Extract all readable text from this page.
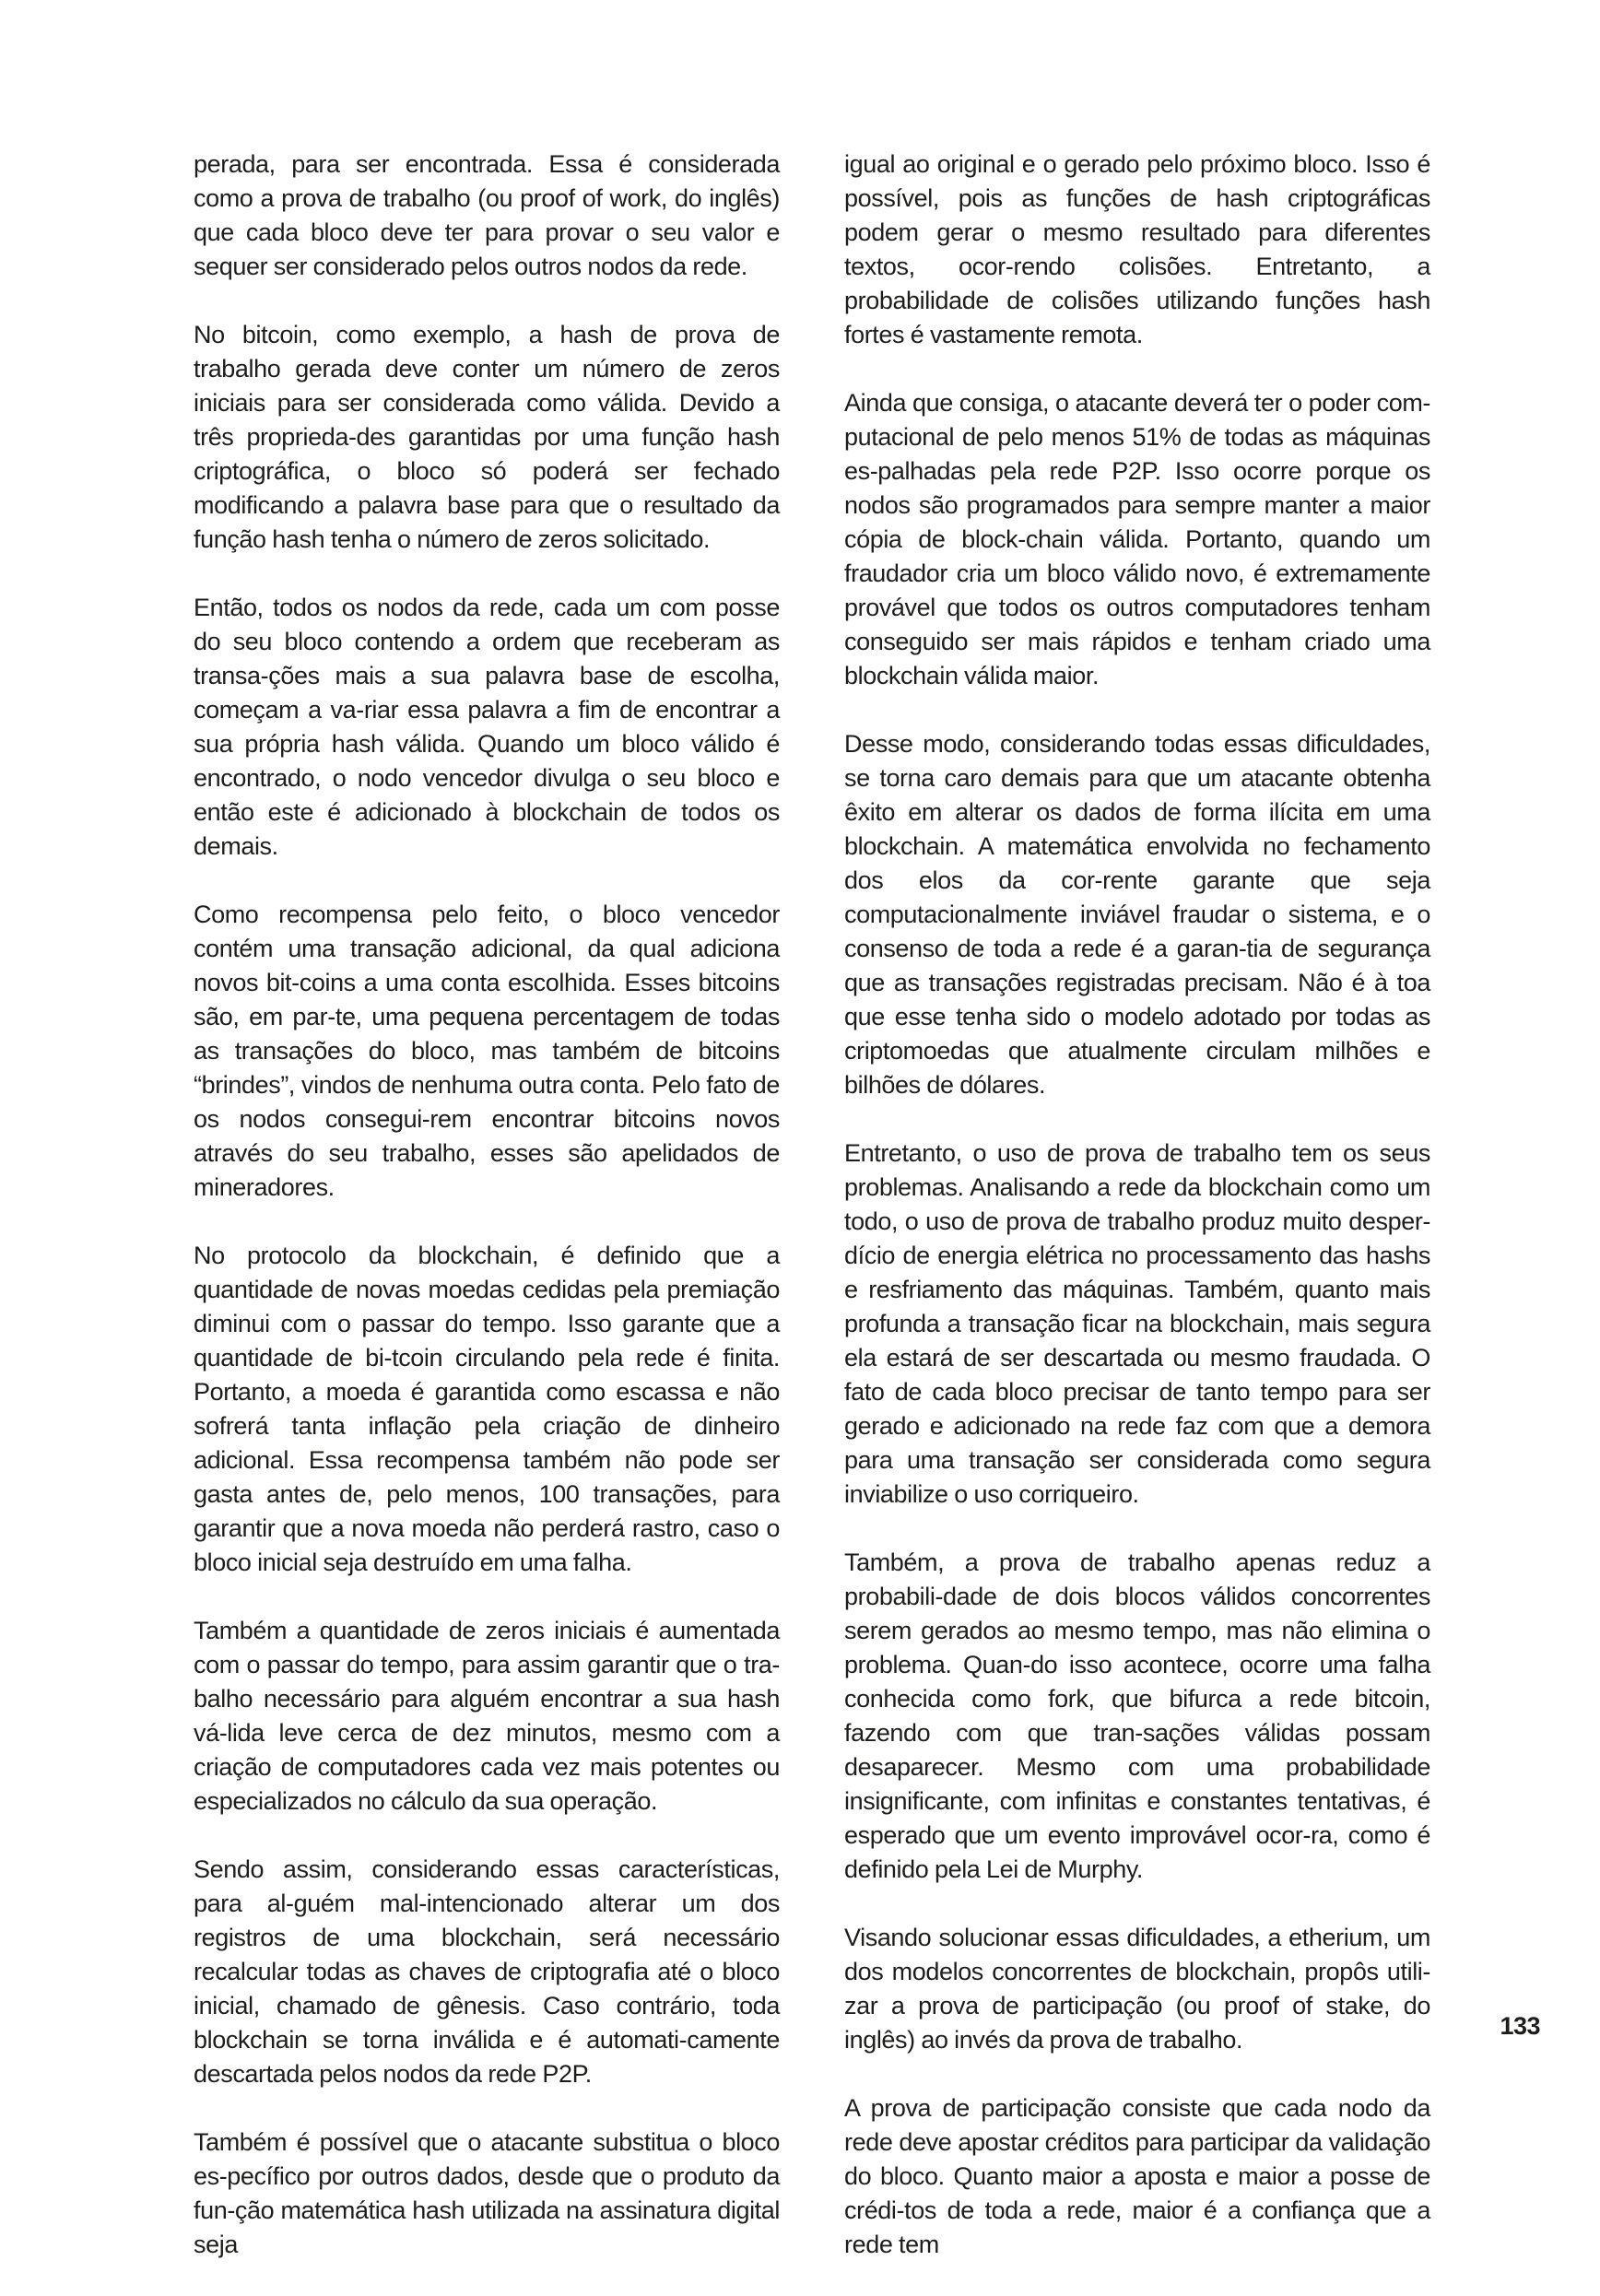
perada, para ser encontrada. Essa é considerada como a prova de trabalho (ou proof of work, do inglês) que cada bloco deve ter para provar o seu valor e sequer ser considerado pelos outros nodos da rede.

No bitcoin, como exemplo, a hash de prova de trabalho gerada deve conter um número de zeros iniciais para ser considerada como válida. Devido a três proprieda-des garantidas por uma função hash criptográfica, o bloco só poderá ser fechado modificando a palavra base para que o resultado da função hash tenha o número de zeros solicitado.

Então, todos os nodos da rede, cada um com posse do seu bloco contendo a ordem que receberam as transa-ções mais a sua palavra base de escolha, começam a va-riar essa palavra a fim de encontrar a sua própria hash válida. Quando um bloco válido é encontrado, o nodo vencedor divulga o seu bloco e então este é adicionado à blockchain de todos os demais.

Como recompensa pelo feito, o bloco vencedor contém uma transação adicional, da qual adiciona novos bit-coins a uma conta escolhida. Esses bitcoins são, em par-te, uma pequena percentagem de todas as transações do bloco, mas também de bitcoins “brindes”, vindos de nenhuma outra conta. Pelo fato de os nodos consegui-rem encontrar bitcoins novos através do seu trabalho, esses são apelidados de mineradores.

No protocolo da blockchain, é definido que a quantidade de novas moedas cedidas pela premiação diminui com o passar do tempo. Isso garante que a quantidade de bi-tcoin circulando pela rede é finita. Portanto, a moeda é garantida como escassa e não sofrerá tanta inflação pela criação de dinheiro adicional. Essa recompensa também não pode ser gasta antes de, pelo menos, 100 transações, para garantir que a nova moeda não perderá rastro, caso o bloco inicial seja destruído em uma falha.

Também a quantidade de zeros iniciais é aumentada com o passar do tempo, para assim garantir que o tra-balho necessário para alguém encontrar a sua hash vá-lida leve cerca de dez minutos, mesmo com a criação de computadores cada vez mais potentes ou especializados no cálculo da sua operação.

Sendo assim, considerando essas características, para al-guém mal-intencionado alterar um dos registros de uma blockchain, será necessário recalcular todas as chaves de criptografia até o bloco inicial, chamado de gênesis. Caso contrário, toda blockchain se torna inválida e é automati-camente descartada pelos nodos da rede P2P.

Também é possível que o atacante substitua o bloco es-pecífico por outros dados, desde que o produto da fun-ção matemática hash utilizada na assinatura digital seja

igual ao original e o gerado pelo próximo bloco. Isso é possível, pois as funções de hash criptográficas podem gerar o mesmo resultado para diferentes textos, ocor-rendo colisões. Entretanto, a probabilidade de colisões utilizando funções hash fortes é vastamente remota.

Ainda que consiga, o atacante deverá ter o poder com-putacional de pelo menos 51% de todas as máquinas es-palhadas pela rede P2P. Isso ocorre porque os nodos são programados para sempre manter a maior cópia de block-chain válida. Portanto, quando um fraudador cria um bloco válido novo, é extremamente provável que todos os outros computadores tenham conseguido ser mais rápidos e tenham criado uma blockchain válida maior.

Desse modo, considerando todas essas dificuldades, se torna caro demais para que um atacante obtenha êxito em alterar os dados de forma ilícita em uma blockchain. A matemática envolvida no fechamento dos elos da cor-rente garante que seja computacionalmente inviável fraudar o sistema, e o consenso de toda a rede é a garan-tia de segurança que as transações registradas precisam. Não é à toa que esse tenha sido o modelo adotado por todas as criptomoedas que atualmente circulam milhões e bilhões de dólares.

Entretanto, o uso de prova de trabalho tem os seus problemas. Analisando a rede da blockchain como um todo, o uso de prova de trabalho produz muito desper-dício de energia elétrica no processamento das hashs e resfriamento das máquinas. Também, quanto mais profunda a transação ficar na blockchain, mais segura ela estará de ser descartada ou mesmo fraudada. O fato de cada bloco precisar de tanto tempo para ser gerado e adicionado na rede faz com que a demora para uma transação ser considerada como segura inviabilize o uso corriqueiro.

Também, a prova de trabalho apenas reduz a probabili-dade de dois blocos válidos concorrentes serem gerados ao mesmo tempo, mas não elimina o problema. Quan-do isso acontece, ocorre uma falha conhecida como fork, que bifurca a rede bitcoin, fazendo com que tran-sações válidas possam desaparecer. Mesmo com uma probabilidade insignificante, com infinitas e constantes tentativas, é esperado que um evento improvável ocor-ra, como é definido pela Lei de Murphy.

Visando solucionar essas dificuldades, a etherium, um dos modelos concorrentes de blockchain, propôs utili-zar a prova de participação (ou proof of stake, do inglês) ao invés da prova de trabalho.

A prova de participação consiste que cada nodo da rede deve apostar créditos para participar da validação do bloco. Quanto maior a aposta e maior a posse de crédi-tos de toda a rede, maior é a confiança que a rede tem

133
